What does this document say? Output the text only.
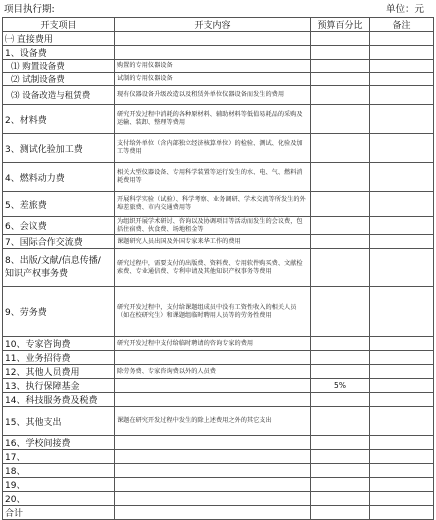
项目执行期:	单位：元
开支项目	开支内容	预算百分比	备注
㈠ 直接费用			
1、设备费			
⑴ 购置设备费	购置的专用仪器设备		
⑵ 试制设备费	试制的专用仪器设备		
⑶ 设备改造与租赁费	现有仪器设备升级改造以及租赁外单位仪器设备而发生的费用		
2、材料费	研究开发过程中消耗的各种原材料、辅助材料等低值易耗品的采购及运输、装卸、整理等费用		
3、测试化验加工费	支付给外单位（含内部独立经济核算单位）的检验、测试、化验及加工等费用		
4、燃料动力费	相关大型仪器设备、专用科学装置等运行发生的水、电、气、燃料消耗费用等		
5、差旅费	开展科学实验（试验）、科学考察、业务调研、学术交流等所发生的外埠差旅费、市内交通费用等		
6、会议费	为组织开展学术研讨、咨询以及协调项目等活动而发生的会议费，包括住宿费、伙食费、场地租金等		
7、国际合作交流费	课题研究人员出国及外国专家来华工作的费用		
8、出版/文献/信息传播/ 知识产权事务费	研究过程中，需要支付的出版费、资料费、专用软件购买费、文献检索费、专业通信费、专利申请及其他知识产权事务等费用		
9、劳务费	研究开发过程中，支付给课题组成员中没有工资性收入的相关人员（如在校研究生）和课题组临时聘用人员等的劳务性费用		
10、专家咨询费	研究开发过程中支付给临时聘请的咨询专家的费用		
11、业务招待费			
12、其他人员费用	除劳务费、专家咨询费以外的人员费		
13、执行保障基金		5%	
14、科技服务费及税费			
15、其他支出	课题在研究开发过程中发生的除上述费用之外的其它支出		
16、学校间接费			
17、			
18、			
19、			
20、			
合计			
